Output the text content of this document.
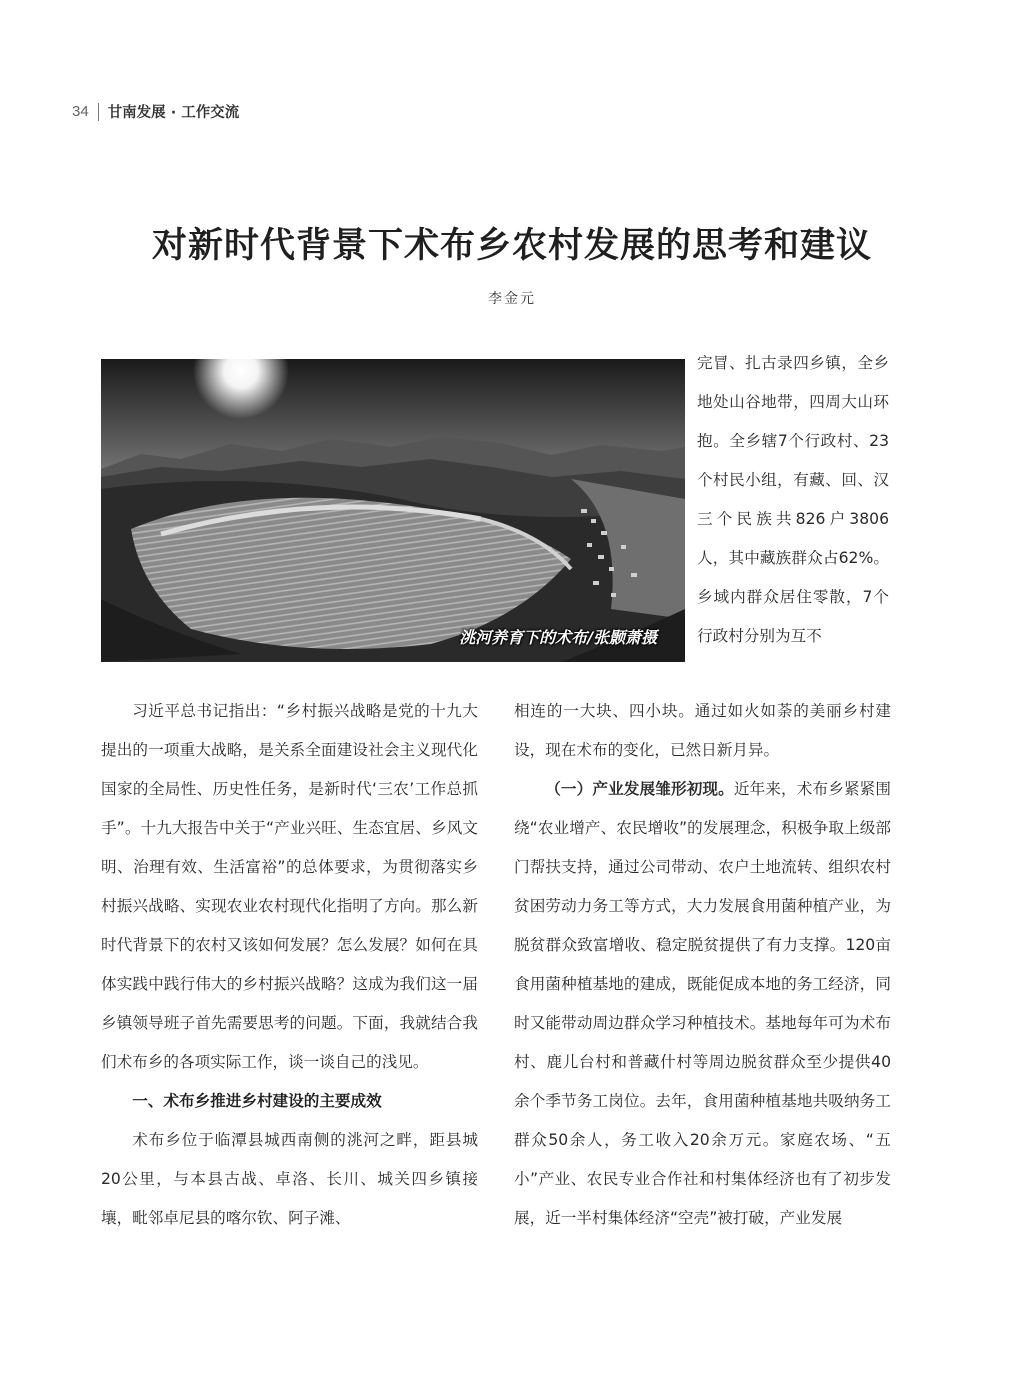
34 甘南发展 · 工作交流
对新时代背景下术布乡农村发展的思考和建议
李金元
洮河养育下的术布/张颢萧摄

完冒、扎古录四乡镇，全乡地处山谷地带，四周大山环抱。全乡辖7个行政村、23个村民小组，有藏、回、汉三个民族共826户3806人，其中藏族群众占62%。乡域内群众居住零散，7个行政村分别为互不

习近平总书记指出：“乡村振兴战略是党的十九大提出的一项重大战略，是关系全面建设社会主义现代化国家的全局性、历史性任务，是新时代‘三农’工作总抓手”。十九大报告中关于“产业兴旺、生态宜居、乡风文明、治理有效、生活富裕”的总体要求，为贯彻落实乡村振兴战略、实现农业农村现代化指明了方向。那么新时代背景下的农村又该如何发展？怎么发展？如何在具体实践中践行伟大的乡村振兴战略？这成为我们这一届乡镇领导班子首先需要思考的问题。下面，我就结合我们术布乡的各项实际工作，谈一谈自己的浅见。

一、术布乡推进乡村建设的主要成效

术布乡位于临潭县城西南侧的洮河之畔，距县城20公里，与本县古战、卓洛、长川、城关四乡镇接壤，毗邻卓尼县的喀尔钦、阿子滩、

相连的一大块、四小块。通过如火如荼的美丽乡村建设，现在术布的变化，已然日新月异。

（一）产业发展雏形初现。近年来，术布乡紧紧围绕“农业增产、农民增收”的发展理念，积极争取上级部门帮扶支持，通过公司带动、农户土地流转、组织农村贫困劳动力务工等方式，大力发展食用菌种植产业，为脱贫群众致富增收、稳定脱贫提供了有力支撑。120亩食用菌种植基地的建成，既能促成本地的务工经济，同时又能带动周边群众学习种植技术。基地每年可为术布村、鹿儿台村和普藏什村等周边脱贫群众至少提供40余个季节务工岗位。去年，食用菌种植基地共吸纳务工群众50余人，务工收入20余万元。家庭农场、“五小”产业、农民专业合作社和村集体经济也有了初步发展，近一半村集体经济“空壳”被打破，产业发展
